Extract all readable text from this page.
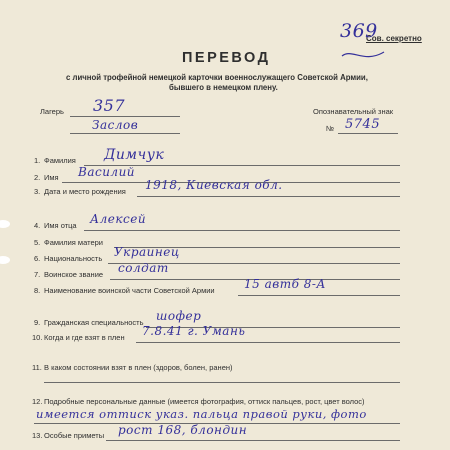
Сов. секретно
369
ПЕРЕВОД
с личной трофейной немецкой карточки военнослужащего Советской Армии,
бывшего в немецком плену.
Лагерь 357
Заслов
Опознавательный знак
№ 5745
1. Фамилия Димчук
2. Имя Василий
3. Дата и место рождения 1918, Киевская обл.
4. Имя отца Алексей
5. Фамилия матери
6. Национальность Украинец
7. Воинское звание солдат
8. Наименование воинской части Советской Армии 15 автб 8-А
9. Гражданская специальность шофер
10. Когда и где взят в плен 7.8.41 г. Умань
11. В каком состоянии взят в плен (здоров, болен, ранен)
12. Подробные персональные данные (имеется фотография, оттиск пальцев, рост, цвет волос)
имеется оттиск указ. пальца правой руки, фото
13. Особые приметы рост 168, блондин
